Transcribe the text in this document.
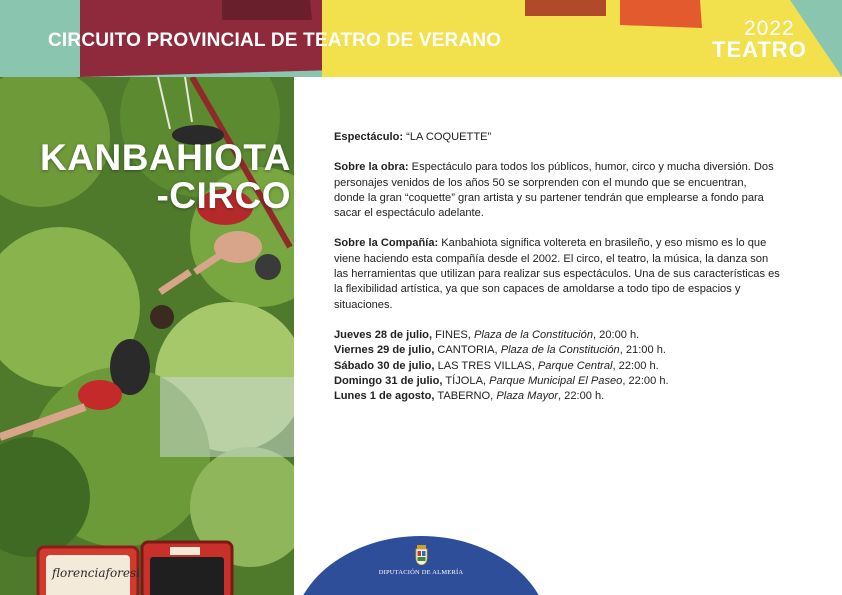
CIRCUITO PROVINCIAL DE TEATRO DE VERANO
2022
TEATRO
KANBAHIOTA
-CIRCO
florenciaforesi

Espectáculo: “LA COQUETTE”

Sobre la obra: Espectáculo para todos los públicos, humor, circo y mucha diversión. Dos personajes venidos de los años 50 se sorprenden con el mundo que se encuentran, donde la gran “coquette” gran artista y su partener tendrán que emplearse a fondo para sacar el espectáculo adelante.

Sobre la Compañía: Kanbahiota significa voltereta en brasileño, y eso mismo es lo que viene haciendo esta compañía desde el 2002. El circo, el teatro, la música, la danza son las herramientas que utilizan para realizar sus espectáculos. Una de sus características es la flexibilidad artística, ya que son capaces de amoldarse a todo tipo de espacios y situaciones.

Jueves 28 de julio, FINES, Plaza de la Constitución, 20:00 h.
Viernes 29 de julio, CANTORIA, Plaza de la Constitución, 21:00 h.
Sábado 30 de julio, LAS TRES VILLAS, Parque Central, 22:00 h.
Domingo 31 de julio, TÍJOLA, Parque Municipal El Paseo, 22:00 h.
Lunes 1 de agosto, TABERNO, Plaza Mayor, 22:00 h.
DIPUTACIÓN DE ALMERÍA
